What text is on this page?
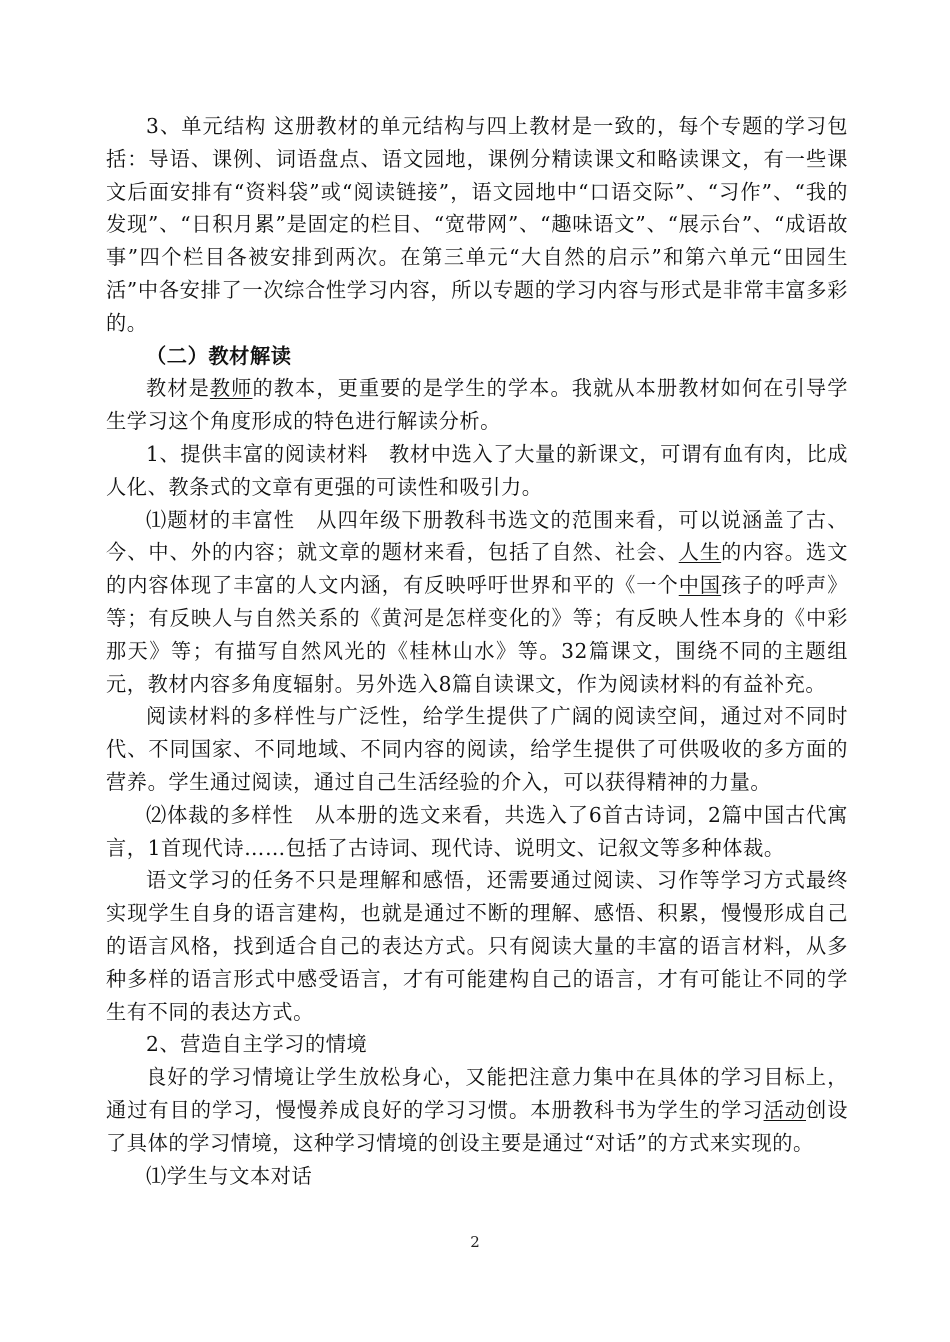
3、单元结构 这册教材的单元结构与四上教材是一致的，每个专题的学习包括：导语、课例、词语盘点、语文园地，课例分精读课文和略读课文，有一些课文后面安排有“资料袋”或“阅读链接”，语文园地中“口语交际”、“习作”、“我的发现”、“日积月累”是固定的栏目、“宽带网”、“趣味语文”、“展示台”、“成语故事”四个栏目各被安排到两次。在第三单元“大自然的启示”和第六单元“田园生活”中各安排了一次综合性学习内容，所以专题的学习内容与形式是非常丰富多彩的。

（二）教材解读

教材是教师的教本，更重要的是学生的学本。我就从本册教材如何在引导学生学习这个角度形成的特色进行解读分析。

1、提供丰富的阅读材料　教材中选入了大量的新课文，可谓有血有肉，比成人化、教条式的文章有更强的可读性和吸引力。

⑴题材的丰富性　从四年级下册教科书选文的范围来看，可以说涵盖了古、今、中、外的内容；就文章的题材来看，包括了自然、社会、人生的内容。选文的内容体现了丰富的人文内涵，有反映呼吁世界和平的《一个中国孩子的呼声》等；有反映人与自然关系的《黄河是怎样变化的》等；有反映人性本身的《中彩那天》等；有描写自然风光的《桂林山水》等。32篇课文，围绕不同的主题组元，教材内容多角度辐射。另外选入8篇自读课文，作为阅读材料的有益补充。

阅读材料的多样性与广泛性，给学生提供了广阔的阅读空间，通过对不同时代、不同国家、不同地域、不同内容的阅读，给学生提供了可供吸收的多方面的营养。学生通过阅读，通过自己生活经验的介入，可以获得精神的力量。

⑵体裁的多样性　从本册的选文来看，共选入了6首古诗词，2篇中国古代寓言，1首现代诗……包括了古诗词、现代诗、说明文、记叙文等多种体裁。

语文学习的任务不只是理解和感悟，还需要通过阅读、习作等学习方式最终实现学生自身的语言建构，也就是通过不断的理解、感悟、积累，慢慢形成自己的语言风格，找到适合自己的表达方式。只有阅读大量的丰富的语言材料，从多种多样的语言形式中感受语言，才有可能建构自己的语言，才有可能让不同的学生有不同的表达方式。

2、营造自主学习的情境

良好的学习情境让学生放松身心，又能把注意力集中在具体的学习目标上，通过有目的学习，慢慢养成良好的学习习惯。本册教科书为学生的学习活动创设了具体的学习情境，这种学习情境的创设主要是通过“对话”的方式来实现的。

⑴学生与文本对话

2
